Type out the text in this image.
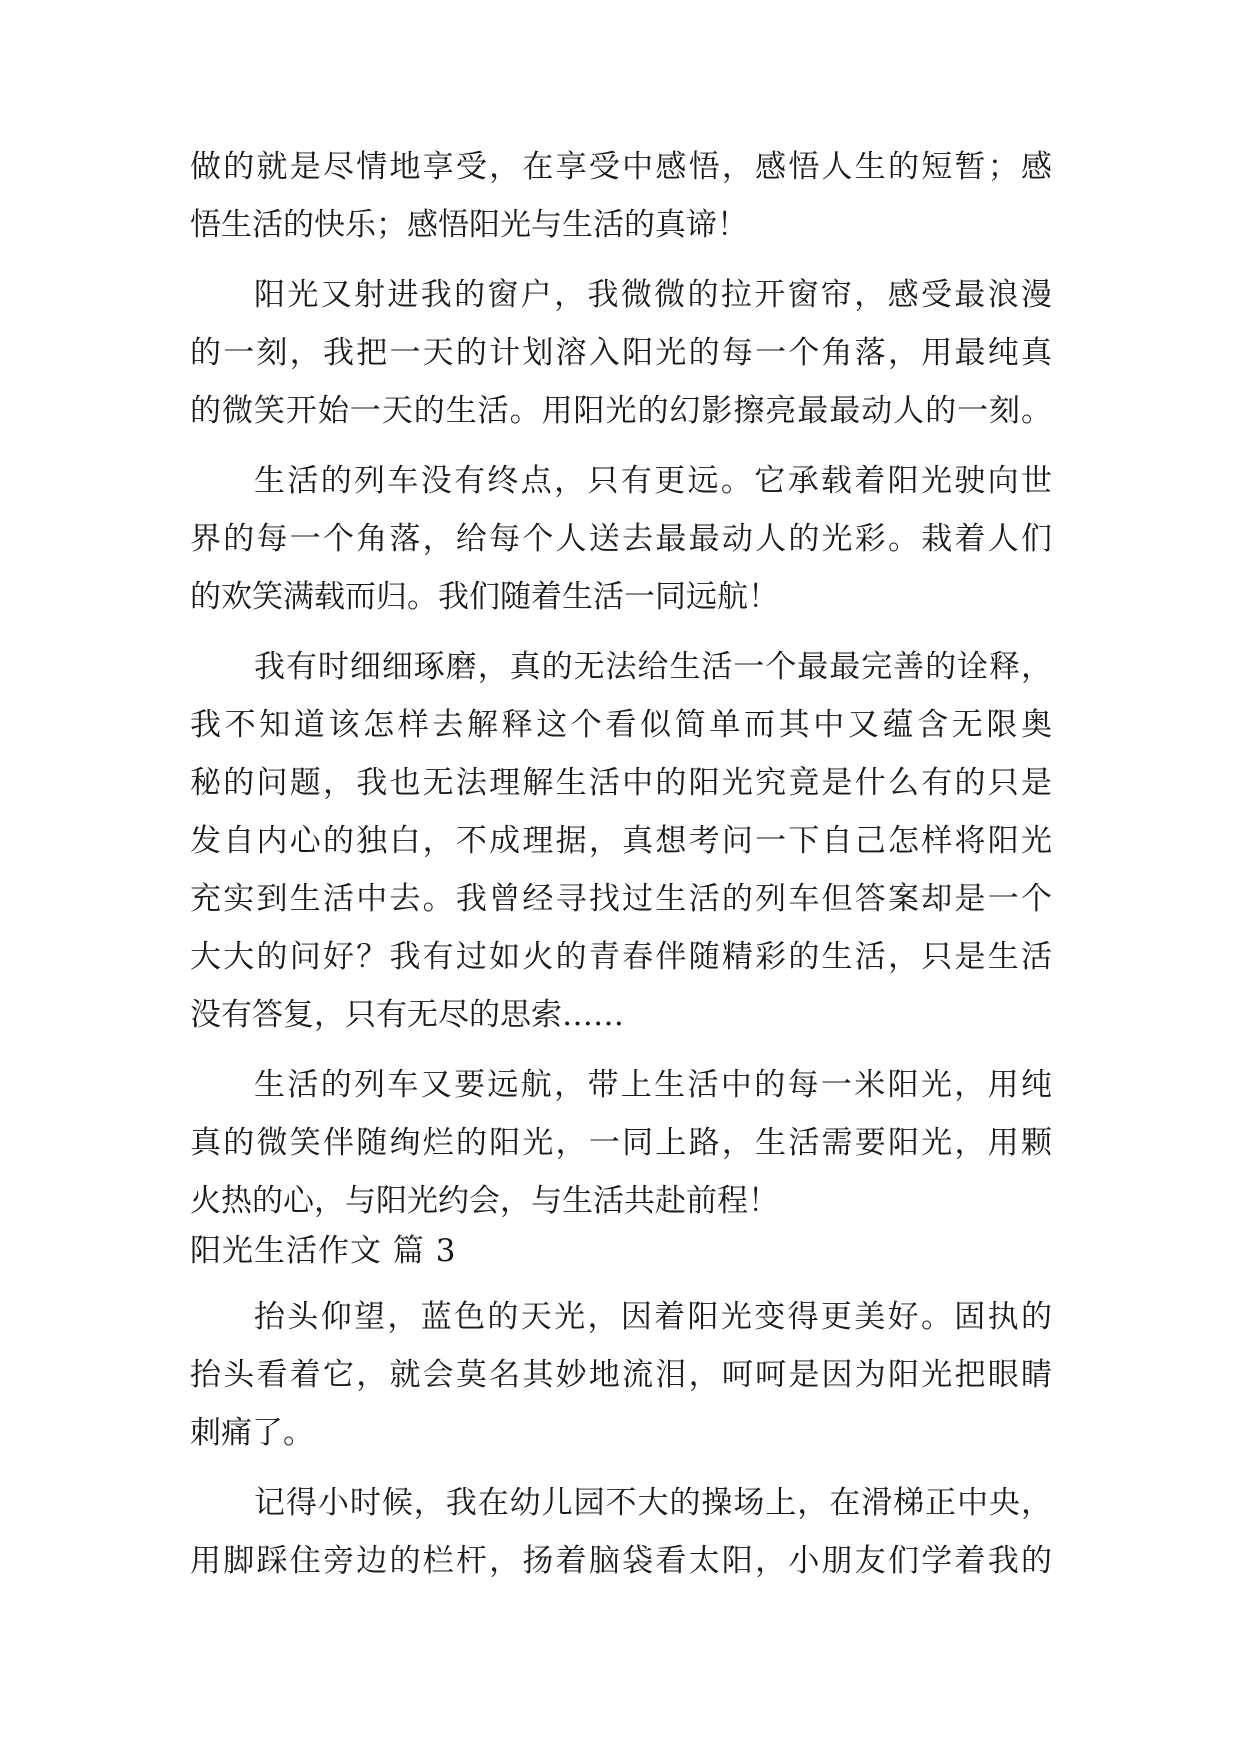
做的就是尽情地享受，在享受中感悟，感悟人生的短暂；感
悟生活的快乐；感悟阳光与生活的真谛！
阳光又射进我的窗户，我微微的拉开窗帘，感受最浪漫
的一刻，我把一天的计划溶入阳光的每一个角落，用最纯真
的微笑开始一天的生活。用阳光的幻影擦亮最最动人的一刻。
生活的列车没有终点，只有更远。它承载着阳光驶向世
界的每一个角落，给每个人送去最最动人的光彩。栽着人们
的欢笑满载而归。我们随着生活一同远航！
我有时细细琢磨，真的无法给生活一个最最完善的诠释，
我不知道该怎样去解释这个看似简单而其中又蕴含无限奥
秘的问题，我也无法理解生活中的阳光究竟是什么有的只是
发自内心的独白，不成理据，真想考问一下自己怎样将阳光
充实到生活中去。我曾经寻找过生活的列车但答案却是一个
大大的问好？我有过如火的青春伴随精彩的生活，只是生活
没有答复，只有无尽的思索……
生活的列车又要远航，带上生活中的每一米阳光，用纯
真的微笑伴随绚烂的阳光，一同上路，生活需要阳光，用颗
火热的心，与阳光约会，与生活共赴前程！
阳光生活作文 篇 3
抬头仰望，蓝色的天光，因着阳光变得更美好。固执的
抬头看着它，就会莫名其妙地流泪，呵呵是因为阳光把眼睛
刺痛了。
记得小时候，我在幼儿园不大的操场上，在滑梯正中央，
用脚踩住旁边的栏杆，扬着脑袋看太阳，小朋友们学着我的
